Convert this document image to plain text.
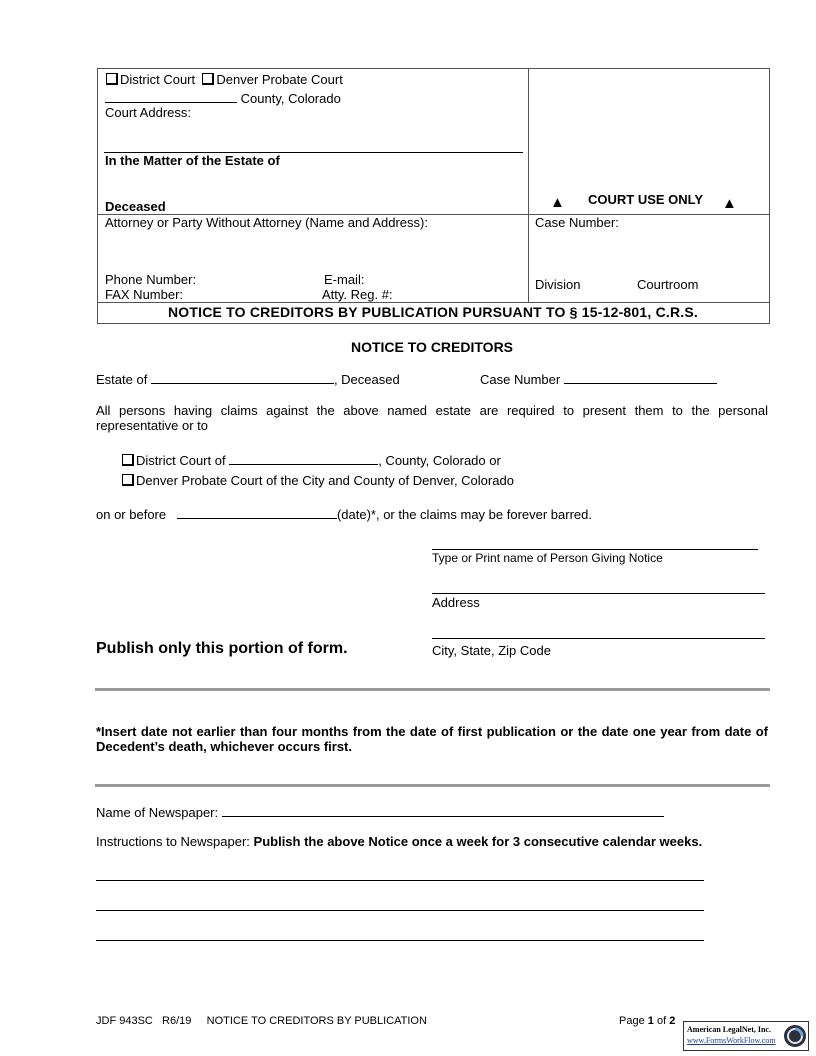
District Court Denver Probate Court
County, Colorado
Court Address:
In the Matter of the Estate of
Deceased	▲ COURT USE ONLY ▲
Attorney or Party Without Attorney (Name and Address):
Phone Number:	E-mail:
FAX Number:	Atty. Reg. #:
Case Number:
Division	Courtroom
NOTICE TO CREDITORS BY PUBLICATION PURSUANT TO § 15-12-801, C.R.S.
NOTICE TO CREDITORS
Estate of	, Deceased	Case Number
All persons having claims against the above named estate are required to present them to the personal representative or to
District Court of	, County, Colorado or
Denver Probate Court of the City and County of Denver, Colorado
on or before	(date)*, or the claims may be forever barred.
Type or Print name of Person Giving Notice
Address
City, State, Zip Code
Publish only this portion of form.
*Insert date not earlier than four months from the date of first publication or the date one year from date of Decedent’s death, whichever occurs first.
Name of Newspaper:
Instructions to Newspaper: Publish the above Notice once a week for 3 consecutive calendar weeks.
JDF 943SC R6/19 NOTICE TO CREDITORS BY PUBLICATION	Page 1 of 2
American LegalNet, Inc.
www.FormsWorkFlow.com
